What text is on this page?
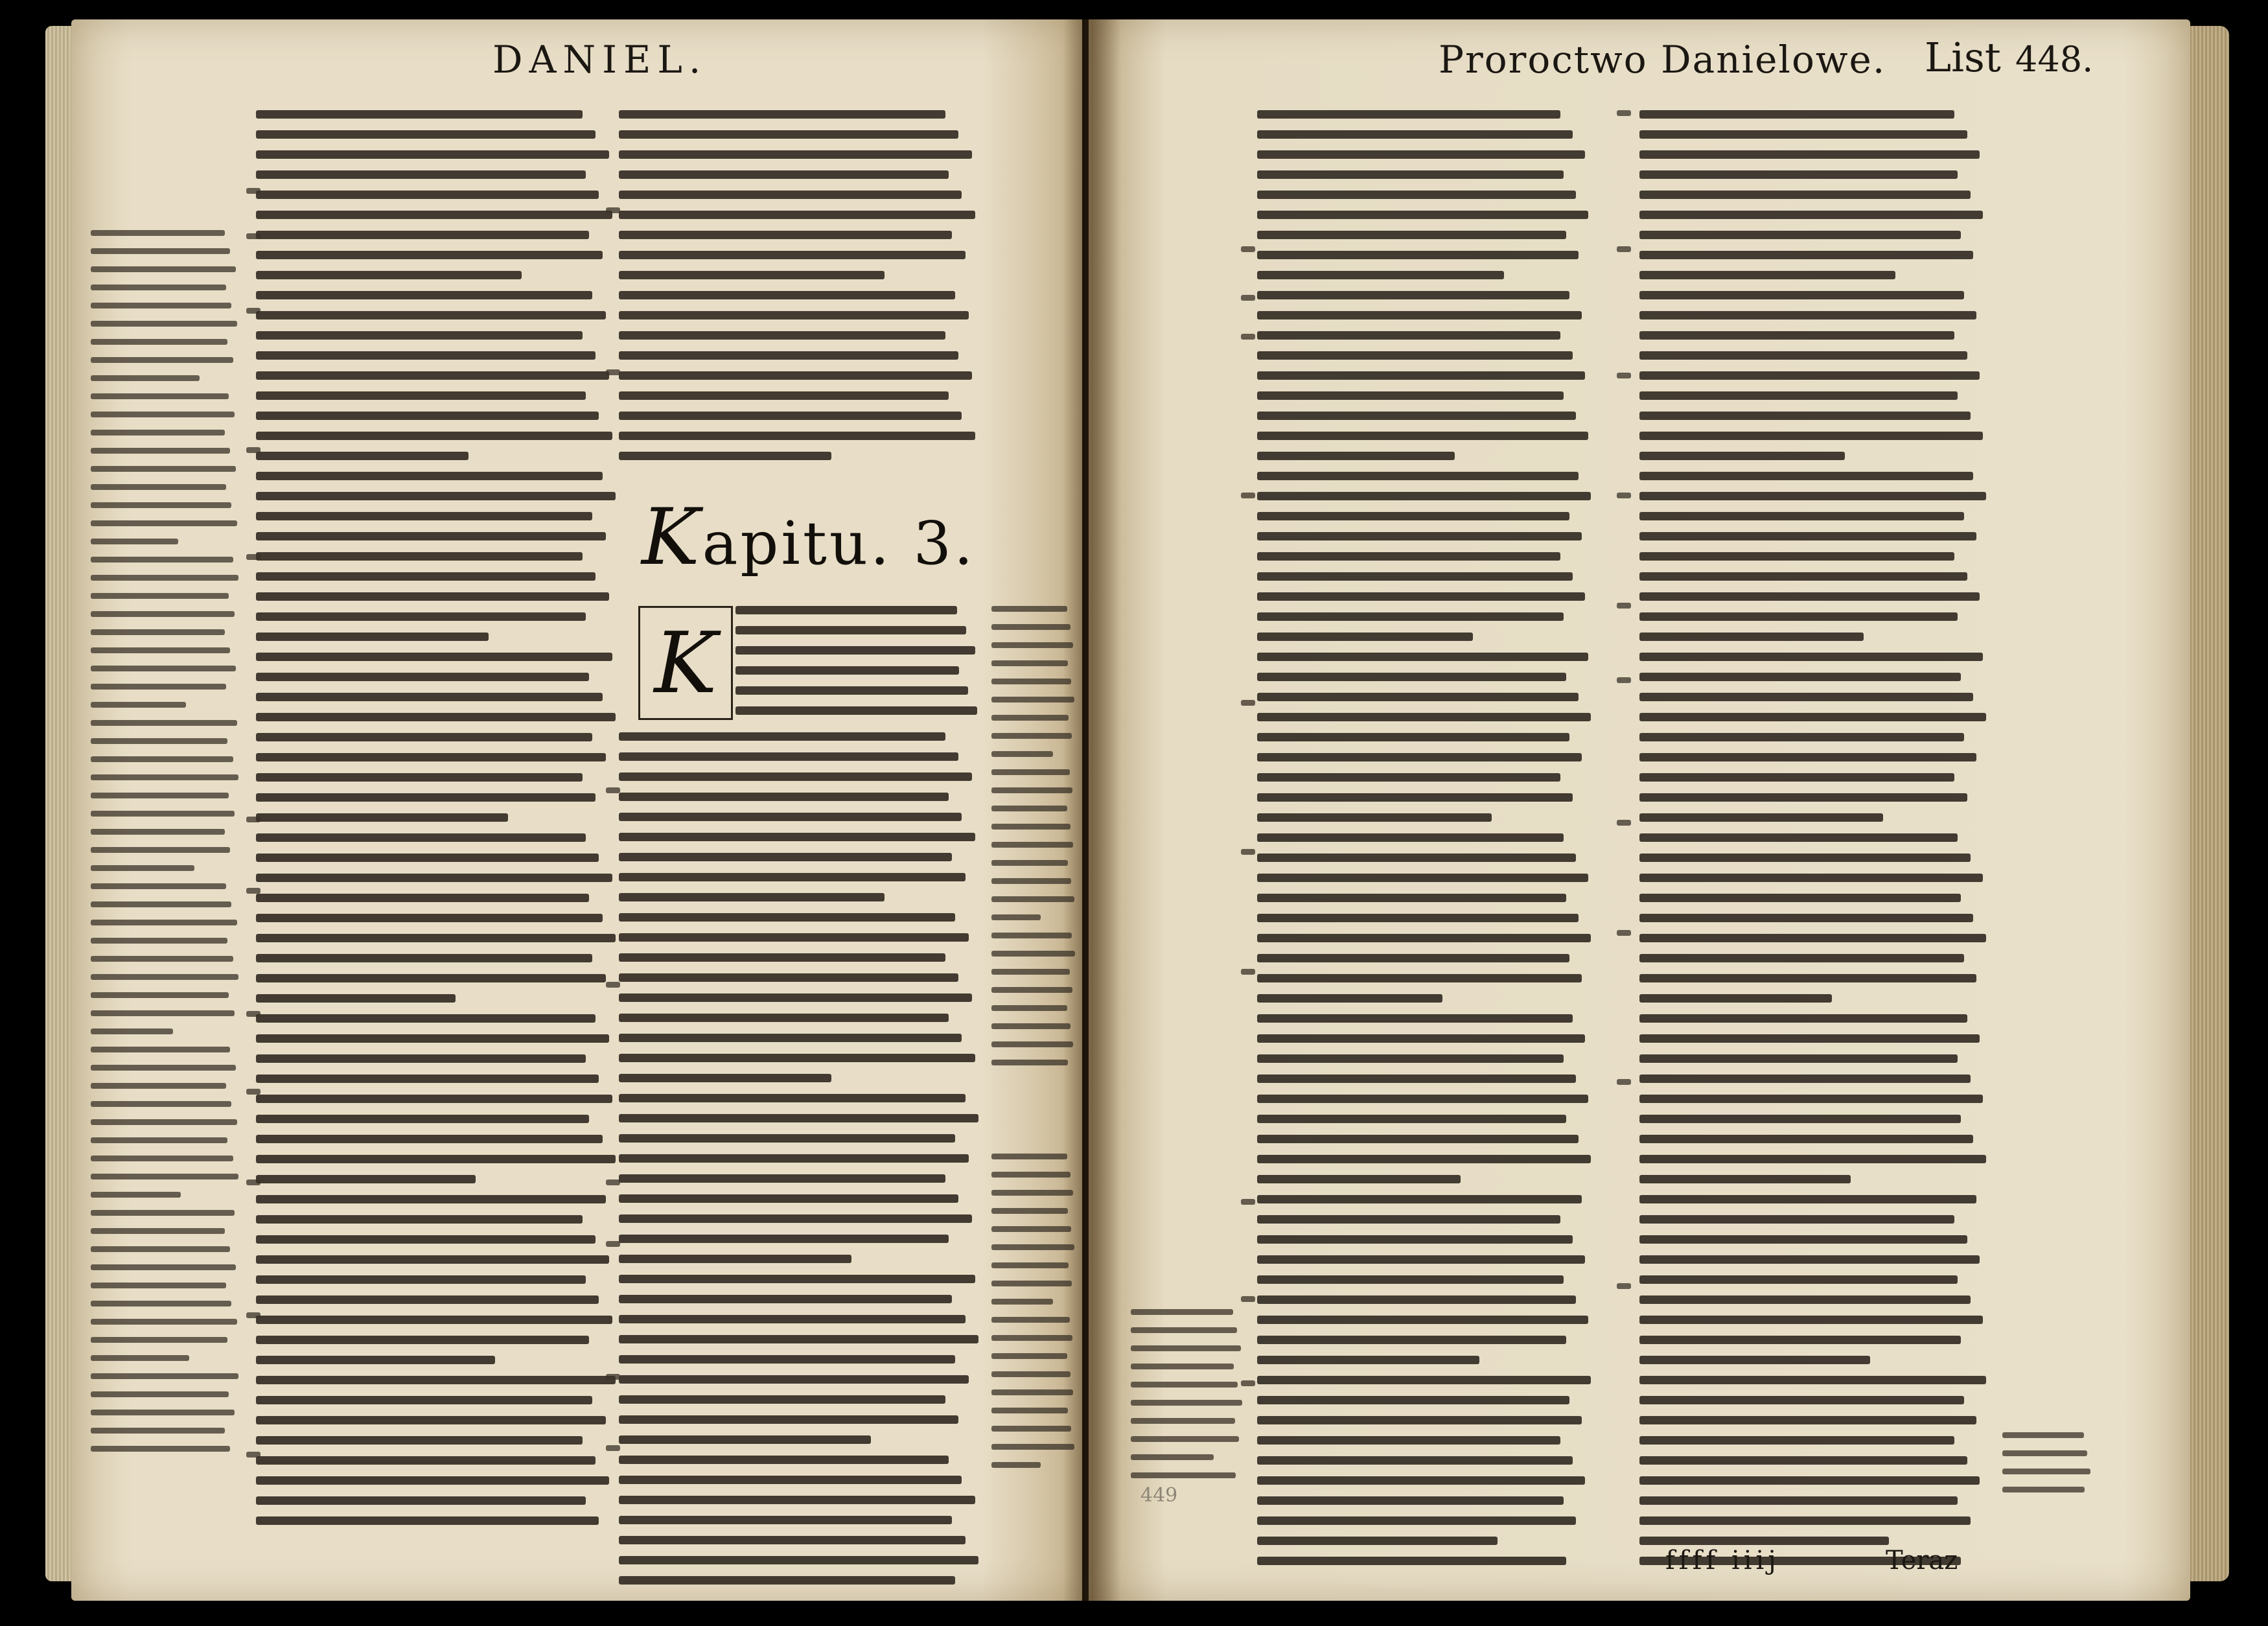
DANIEL.	Proroctwo Danielowe. List 448.
Kapitu. 3.
K
ffff iiij	Teraz
449
